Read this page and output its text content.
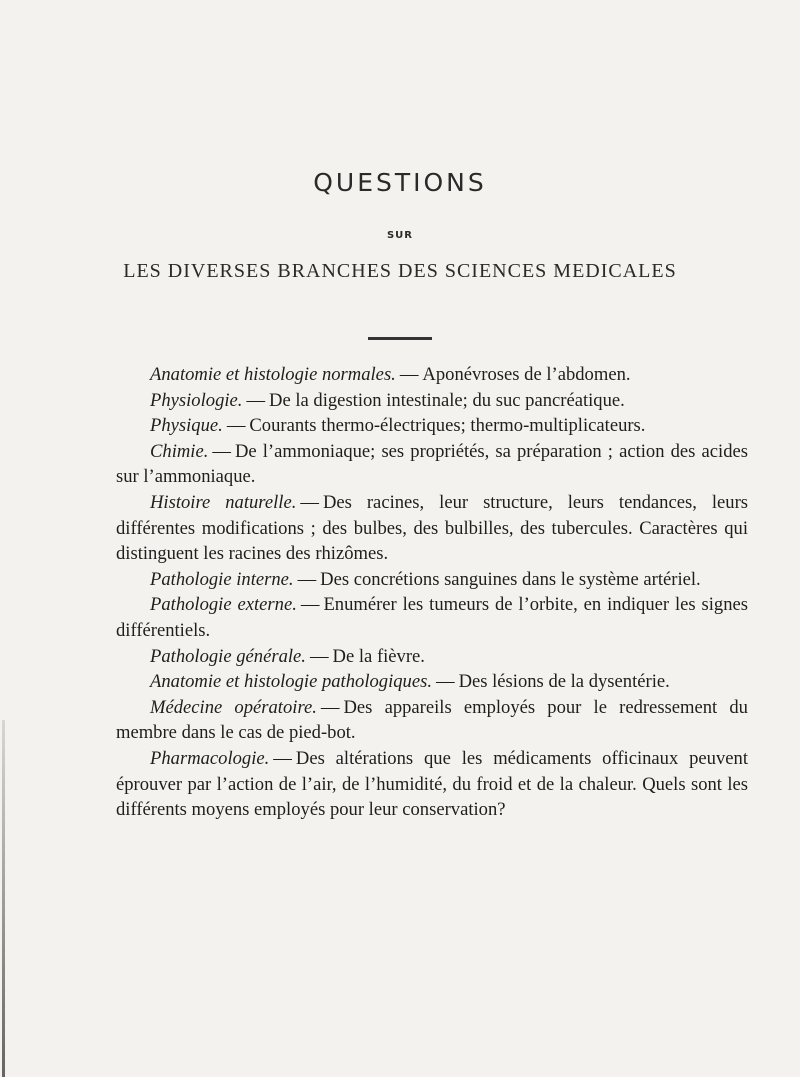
QUESTIONS
SUR
LES DIVERSES BRANCHES DES SCIENCES MEDICALES

Anatomie et histologie normales. — Aponévroses de l’abdomen.

Physiologie. — De la digestion intestinale; du suc pancréatique.

Physique. — Courants thermo-électriques; thermo-multiplicateurs.

Chimie. — De l’ammoniaque; ses propriétés, sa préparation ; action des acides sur l’ammoniaque.

Histoire naturelle. — Des racines, leur structure, leurs tendances, leurs différentes modifications ; des bulbes, des bulbilles, des tubercules. Caractères qui distinguent les racines des rhizômes.

Pathologie interne. — Des concrétions sanguines dans le système artériel.

Pathologie externe. — Enumérer les tumeurs de l’orbite, en indiquer les signes différentiels.

Pathologie générale. — De la fièvre.

Anatomie et histologie pathologiques. — Des lésions de la dysentérie.

Médecine opératoire. — Des appareils employés pour le redressement du membre dans le cas de pied-bot.

Pharmacologie. — Des altérations que les médicaments officinaux peuvent éprouver par l’action de l’air, de l’humidité, du froid et de la chaleur. Quels sont les différents moyens employés pour leur conservation?
